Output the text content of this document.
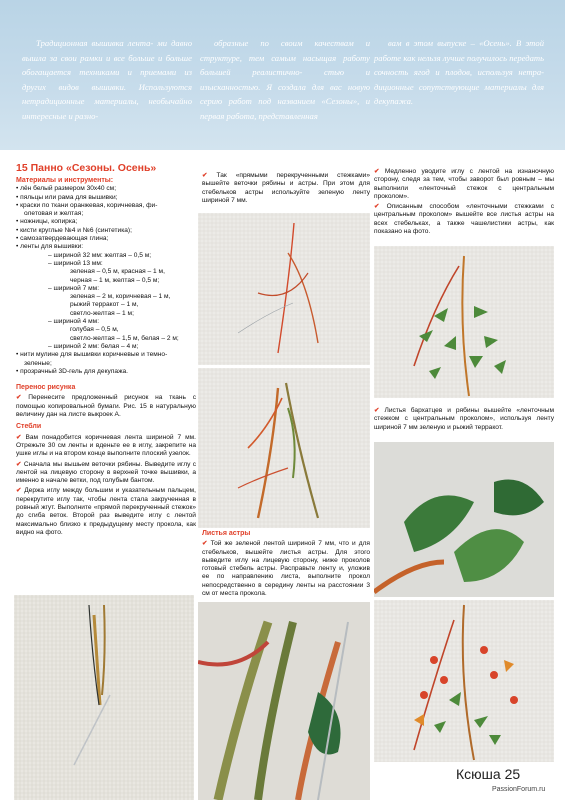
Традиционная вышивка лента- ми давно вышла за свои рамки и все больше и больше обогащается техниками и приемами из других видов вышивки. Используются нетрадиционные материалы, необычайно интересные и разно-
образные по своим качествам и структуре, тем самым насыщая работу большей реалистично- стью и изысканностью. Я создала для вас новую серию работ под названием «Сезоны», и первая работа, представленная
вам в этом выпуске – «Осень». В этой работе как нельзя лучше получилось передать сочность ягод и плодов, используя нетра- диционные сопутствующие материалы для декупажа.
15 Панно «Сезоны. Осень»
Материалы и инструменты:
• лён белый размером 30х40 см;
• пяльцы или рама для вышивки;
• краски по ткани оранжевая, коричневая, фи-
олетовая и желтая;
• ножницы, копирка;
• кисти круглые №4 и №6 (синтетика);
• самозатвердевающая глина;
• ленты для вышивки:
– шириной 32 мм: желтая – 0,5 м;
– шириной 13 мм:
зеленая – 0,5 м, красная – 1 м,
черная – 1 м, желтая – 0,5 м;
– шириной 7 мм:
зеленая – 2 м, коричневая – 1 м,
рыжий терракот – 1 м,
светло-желтая – 1 м;
– шириной 4 мм:
голубая – 0,5 м,
светло-желтая – 1,5 м, белая – 2 м;
– шириной 2 мм: белая – 4 м;
• нити мулине для вышивки коричневые и темно-
зеленые;
• прозрачный 3D-гель для декупажа.
Перенос рисунка
✔ Перенесите предложенный рисунок на ткань с помощью копировальной бумаги. Рис. 15 в натуральную величину дан на листе выкроек А.
Стебли
✔ Вам понадобится коричневая лента шириной 7 мм. Отрежьте 30 см ленты и вденьте ее в иглу, закрепите на ушке иглы и на втором конце выполните плоский узелок.
✔ Сначала мы вышьем веточки рябины. Выведите иглу с лентой на лицевую сторону в верхней точке вышивки, а именно в начале ветки, под голубым бантом.
✔ Держа иглу между большим и указательным пальцем, перекрутите иглу так, чтобы лента стала закрученная в ровный жгут. Выполните «прямой перекрученный стежок» до сгиба веток. Второй раз выведите иглу с лентой максимально близко к предыдущему месту прокола, как видно на фото.
✔ Так «прямыми перекрученными стежками» вышейте веточки рябины и астры. При этом для стебельков астры используйте зеленую ленту шириной 7 мм.
Листья астры
✔ Той же зеленой лентой шириной 7 мм, что и для стебельков, вышейте листья астры. Для этого выведите иглу на лицевую сторону, ниже проколов готовый стебель астры. Расправьте ленту и, уложив ее по направлению листа, выполните прокол непосредственно в середину ленты на расстоянии 3 см от места прокола.
✔ Медленно уводите иглу с лентой на изнаночную сторону, следя за тем, чтобы заворот был ровным – мы выполнили «ленточный стежок с центральным проколом».
✔ Описанным способом «ленточными стежками с центральным проколом» вышейте все листья астры на всех стебельках, а также чашелистики астры, как показано на фото.
✔ Листья бархатцев и рябины вышейте «ленточным стежком с центральным проколом», используя ленту шириной 7 мм зеленую и рыжий терракот.
Ксюша 25
PassionForum.ru
